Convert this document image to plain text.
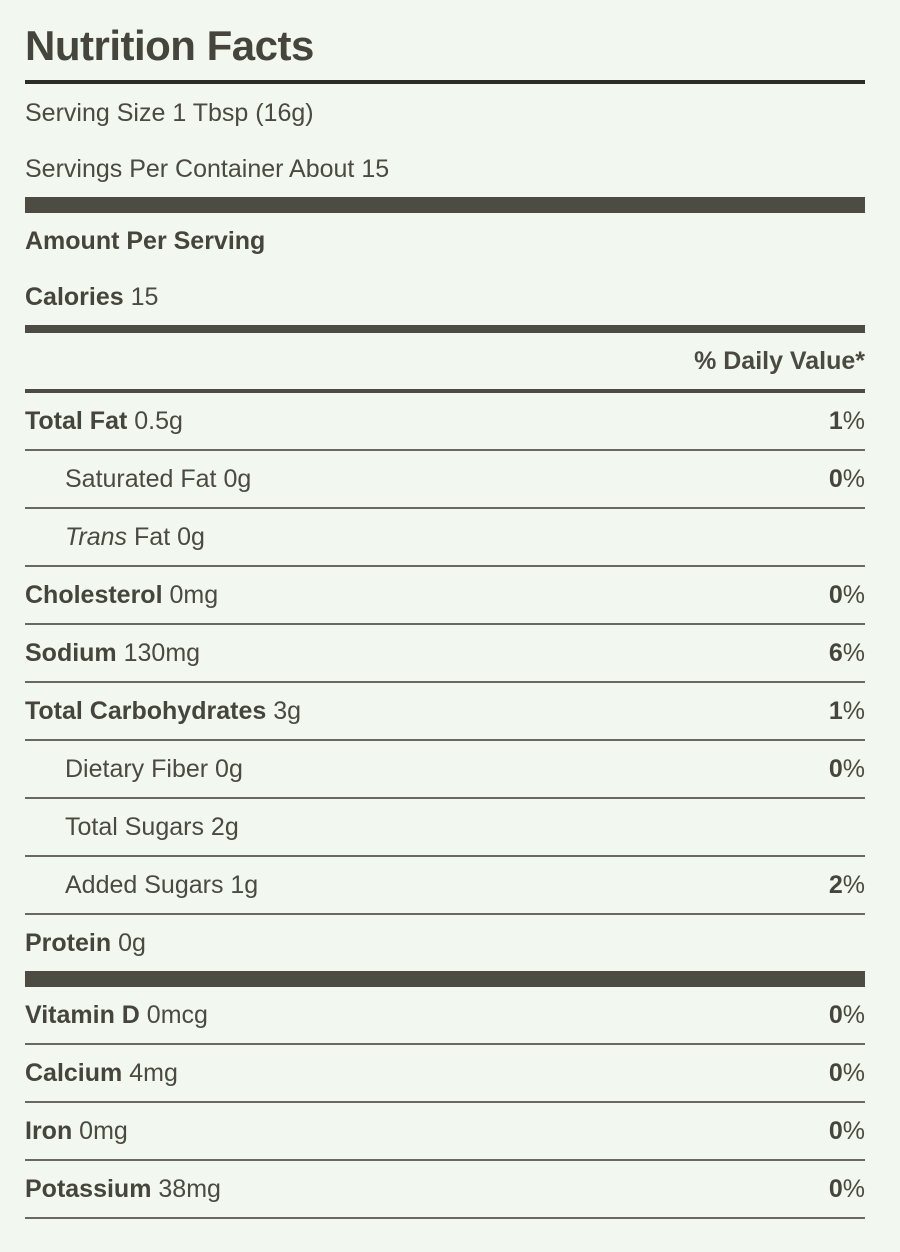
Nutrition Facts
Serving Size 1 Tbsp (16g)
Servings Per Container About 15
Amount Per Serving
Calories 15
% Daily Value*
Total Fat 0.5g	1%
Saturated Fat 0g	0%
Trans Fat 0g
Cholesterol 0mg	0%
Sodium 130mg	6%
Total Carbohydrates 3g	1%
Dietary Fiber 0g	0%
Total Sugars 2g
Added Sugars 1g	2%
Protein 0g
Vitamin D 0mcg	0%
Calcium 4mg	0%
Iron 0mg	0%
Potassium 38mg	0%
